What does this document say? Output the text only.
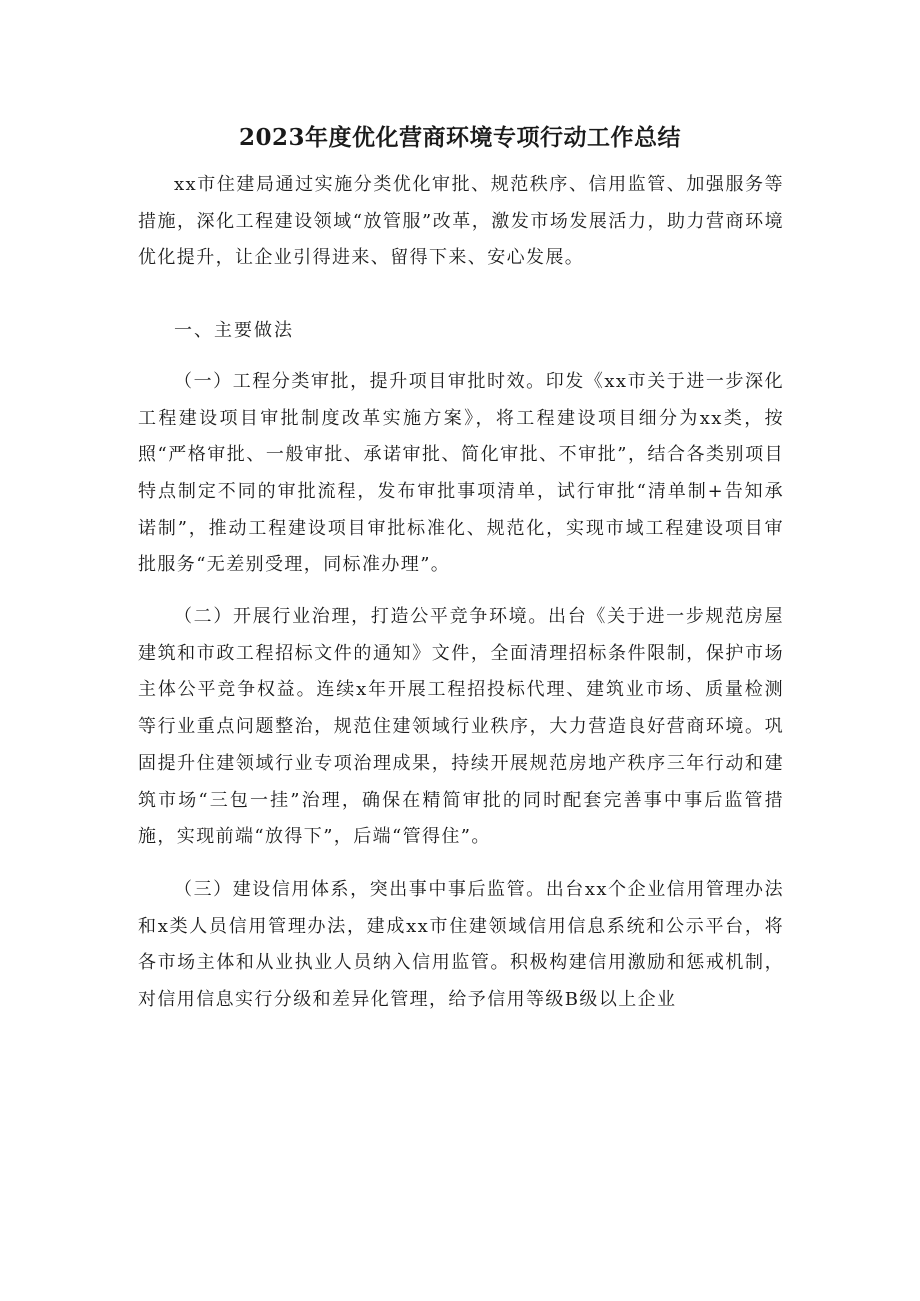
2023年度优化营商环境专项行动工作总结

xx市住建局通过实施分类优化审批、规范秩序、信用监管、加强服务等措施，深化工程建设领域“放管服”改革，激发市场发展活力，助力营商环境优化提升，让企业引得进来、留得下来、安心发展。

一、主要做法

（一）工程分类审批，提升项目审批时效。印发《xx市关于进一步深化工程建设项目审批制度改革实施方案》，将工程建设项目细分为xx类，按照“严格审批、一般审批、承诺审批、简化审批、不审批”，结合各类别项目特点制定不同的审批流程，发布审批事项清单，试行审批“清单制+告知承诺制”，推动工程建设项目审批标准化、规范化，实现市域工程建设项目审批服务“无差别受理，同标准办理”。

（二）开展行业治理，打造公平竞争环境。出台《关于进一步规范房屋建筑和市政工程招标文件的通知》文件，全面清理招标条件限制，保护市场主体公平竞争权益。连续x年开展工程招投标代理、建筑业市场、质量检测等行业重点问题整治，规范住建领域行业秩序，大力营造良好营商环境。巩固提升住建领域行业专项治理成果，持续开展规范房地产秩序三年行动和建筑市场“三包一挂”治理，确保在精简审批的同时配套完善事中事后监管措施，实现前端“放得下”，后端“管得住”。

（三）建设信用体系，突出事中事后监管。出台xx个企业信用管理办法和x类人员信用管理办法，建成xx市住建领域信用信息系统和公示平台，将各市场主体和从业执业人员纳入信用监管。积极构建信用激励和惩戒机制，对信用信息实行分级和差异化管理，给予信用等级B级以上企业
